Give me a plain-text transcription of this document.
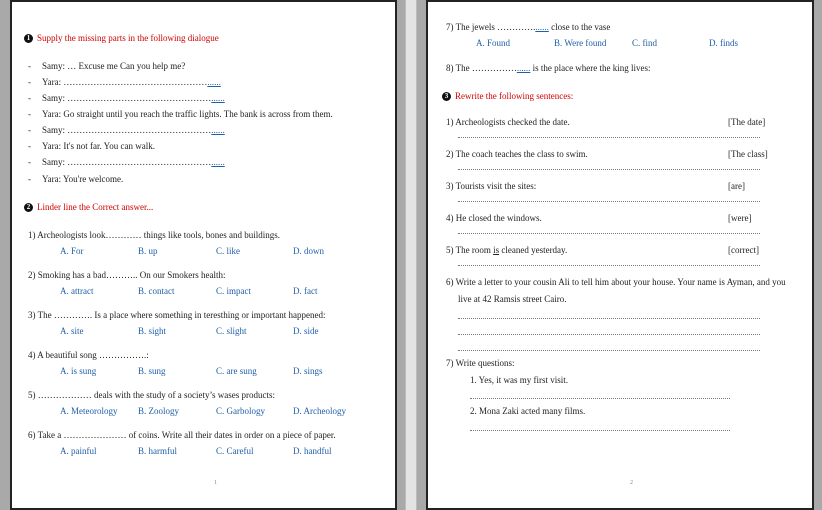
1 Supply the missing parts in the following dialogue
- Samy: … Excuse me Can you help me?
- Yara: …………………………………………......
- Samy: …………………………………………......
- Yara: Go straight until you reach the traffic lights. The bank is across from them.
- Samy: …………………………………………......
- Yara: It's not far. You can walk.
- Samy: …………………………………………......
- Yara: You're welcome.
2 Linder line the Correct answer...
1) Archeologists look………… things like tools, bones and buildings.
A. For	B. up	C. like	D. down
2) Smoking has a bad……….. On our Smokers health:
A. attract	B. contact	C. impact	D. fact
3) The …………. Is a place where something in teresthing or important happened:
A. site	B. sight	C. slight	D. side
4) A beautiful song …………….:
A. is sung	B. sung	C. are sung	D. sings
5) ……………… deals with the study of a society’s wases products:
A. Meteorology B. Zoology	C. Garbology	D. Archeology
6) Take a ………………… of coins. Write all their dates in order on a piece of paper.
A. painful	B. harmful	C. Careful	D. handful
1
7) The jewels …………....... close to the vase
A. Found	B. Were found	C. find	D. finds
8) The ……………...... is the place where the king lives:
3 Rewrite the following sentences:
1) Archeologists checked the date.	[The date]
2) The coach teaches the class to swim.	[The class]
3) Tourists visit the sites:	[are]
4) He closed the windows.	[were]
5) The room is cleaned yesterday.	[correct]
6) Write a letter to your cousin Ali to tell him about your house. Your name is Ayman, and you
live at 42 Ramsis street Cairo.
7) Write questions:
1. Yes, it was my first visit.
2. Mona Zaki acted many films.
2
